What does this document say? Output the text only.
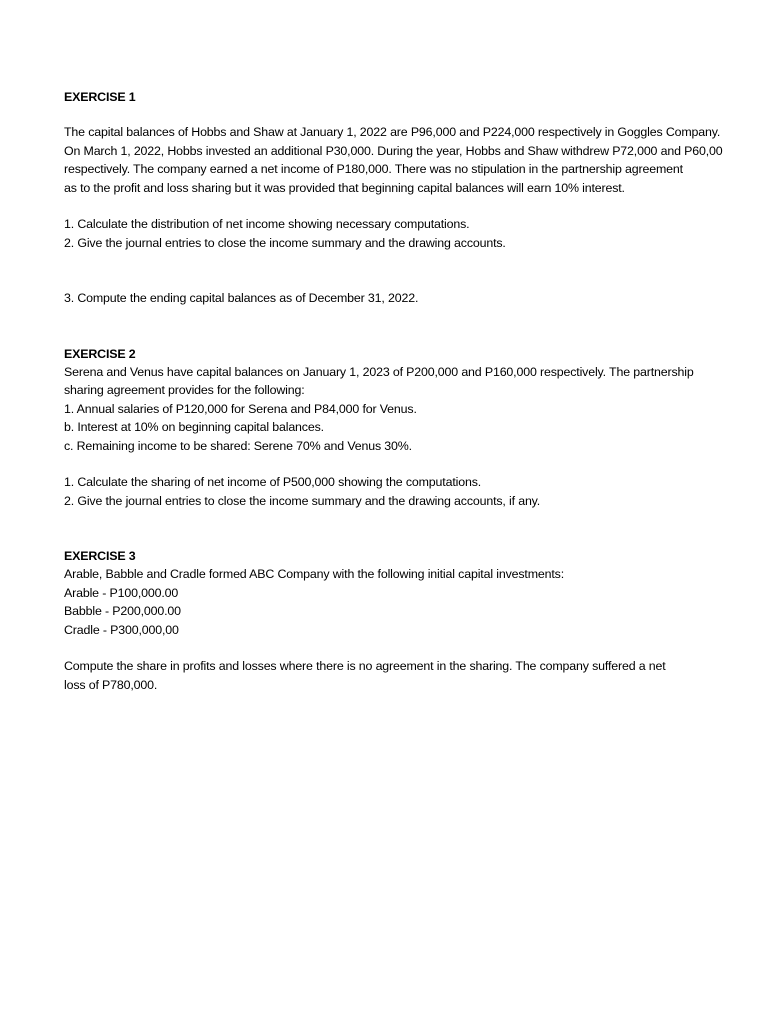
EXERCISE 1
The capital balances of Hobbs and Shaw at January 1, 2022 are P96,000 and P224,000 respectively in Goggles Company.
On March 1, 2022, Hobbs invested an additional P30,000. During the year, Hobbs and Shaw withdrew P72,000 and P60,00
respectively. The company earned a net income of P180,000. There was no stipulation in the partnership agreement
as to the profit and loss sharing but it was provided that beginning capital balances will earn 10% interest.
1. Calculate the distribution of net income showing necessary computations.
2. Give the journal entries to close the income summary and the drawing accounts.
3. Compute the ending capital balances as of December 31, 2022.
EXERCISE 2
Serena and Venus have capital balances on January 1, 2023 of P200,000 and P160,000 respectively. The partnership
sharing agreement provides for the following:
1. Annual salaries of P120,000 for Serena and P84,000 for Venus.
b. Interest at 10% on beginning capital balances.
c. Remaining income to be shared: Serene 70% and Venus 30%.
1. Calculate the sharing of net income of P500,000 showing the computations.
2. Give the journal entries to close the income summary and the drawing accounts, if any.
EXERCISE 3
Arable, Babble and Cradle formed ABC Company with the following initial capital investments:
Arable - P100,000.00
Babble - P200,000.00
Cradle - P300,000,00
Compute the share in profits and losses where there is no agreement in the sharing. The company suffered a net
loss of P780,000.
